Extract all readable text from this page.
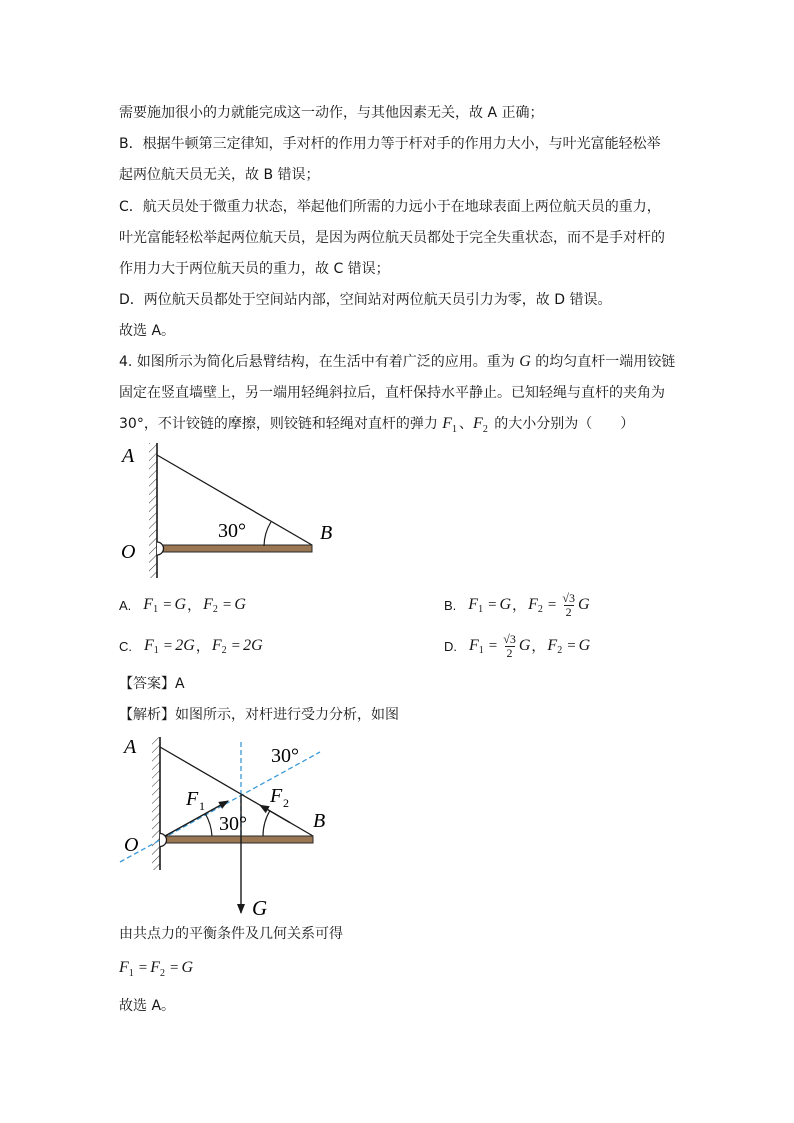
需要施加很小的力就能完成这一动作，与其他因素无关，故 A 正确；
B．根据牛顿第三定律知，手对杆的作用力等于杆对手的作用力大小，与叶光富能轻松举
起两位航天员无关，故 B 错误；
C．航天员处于微重力状态，举起他们所需的力远小于在地球表面上两位航天员的重力，
叶光富能轻松举起两位航天员，是因为两位航天员都处于完全失重状态，而不是手对杆的
作用力大于两位航天员的重力，故 C 错误；
D．两位航天员都处于空间站内部，空间站对两位航天员引力为零，故 D 错误。
故选 A。
4. 如图所示为简化后悬臂结构，在生活中有着广泛的应用。重为 G 的均匀直杆一端用铰链
固定在竖直墙壁上，另一端用轻绳斜拉后，直杆保持水平静止。已知轻绳与直杆的夹角为
30°，不计铰链的摩擦，则铰链和轻绳对直杆的弹力 $F_1$ 、$F_2$ 的大小分别为（　　）
A
O
B
30°
A. F 1 = G ， F 2 = G	B. F 1 = G ， F $2 = \frac{√3}{2}$ G
C. F 1 = 2G ， F 2 = 2G	D. F $1 = \frac{√3}{2}$ G ， F 2 = G
【答案】A
【解析】如图所示，对杆进行受力分析，如图
A
O
B
30°
30°
F 1	F 2
G
由共点力的平衡条件及几何关系可得
$F_1 = F_2 = G$
故选 A。
